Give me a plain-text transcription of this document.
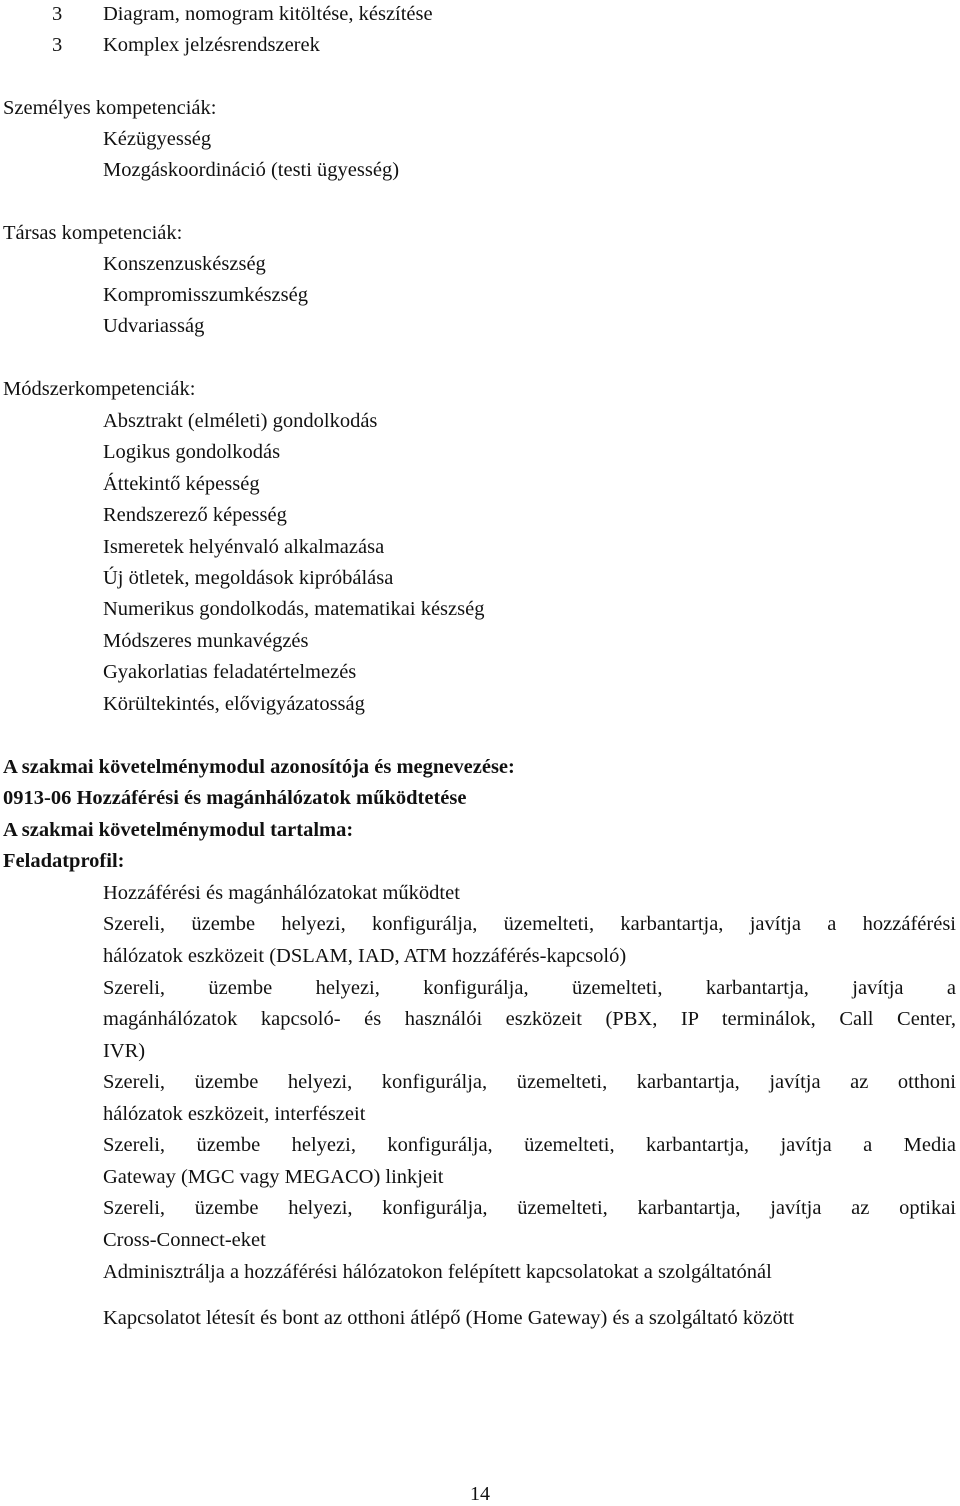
3	Diagram, nomogram kitöltése, készítése
3	Komplex jelzésrendszerek
Személyes kompetenciák:
Kézügyesség
Mozgáskoordináció (testi ügyesség)
Társas kompetenciák:
Konszenzuskészség
Kompromisszumkészség
Udvariasság
Módszerkompetenciák:
Absztrakt (elméleti) gondolkodás
Logikus gondolkodás
Áttekintő képesség
Rendszerező képesség
Ismeretek helyénvaló alkalmazása
Új ötletek, megoldások kipróbálása
Numerikus gondolkodás, matematikai készség
Módszeres munkavégzés
Gyakorlatias feladatértelmezés
Körültekintés, elővigyázatosság
A szakmai követelménymodul azonosítója és megnevezése:
0913-06 Hozzáférési és magánhálózatok működtetése
A szakmai követelménymodul tartalma:
Feladatprofil:
Hozzáférési és magánhálózatokat működtet
Szereli, üzembe helyezi, konfigurálja, üzemelteti, karbantartja, javítja a hozzáférési
hálózatok eszközeit (DSLAM, IAD, ATM hozzáférés-kapcsoló)
Szereli, üzembe helyezi, konfigurálja, üzemelteti, karbantartja, javítja a
magánhálózatok kapcsoló- és használói eszközeit (PBX, IP terminálok, Call Center,
IVR)
Szereli, üzembe helyezi, konfigurálja, üzemelteti, karbantartja, javítja az otthoni
hálózatok eszközeit, interfészeit
Szereli, üzembe helyezi, konfigurálja, üzemelteti, karbantartja, javítja a Media
Gateway (MGC vagy MEGACO) linkjeit
Szereli, üzembe helyezi, konfigurálja, üzemelteti, karbantartja, javítja az optikai
Cross-Connect-eket
Adminisztrálja a hozzáférési hálózatokon felépített kapcsolatokat a szolgáltatónál
Kapcsolatot létesít és bont az otthoni átlépő (Home Gateway) és a szolgáltató között
14
